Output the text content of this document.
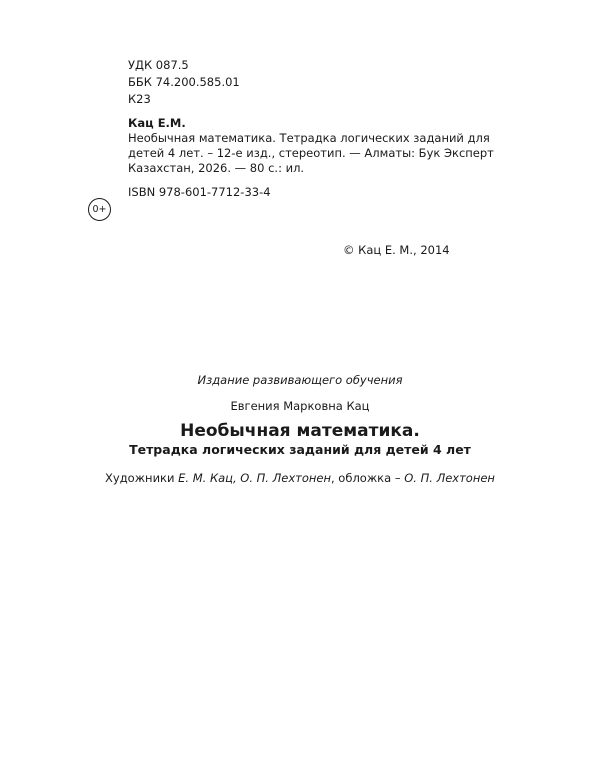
УДК 087.5
ББК 74.200.585.01
К23
Кац Е.М.
Необычная математика. Тетрадка логических заданий для детей 4 лет. – 12-е изд., стереотип. — Алматы: Бук Эксперт Казахстан, 2026. — 80 с.: ил.
ISBN 978-601-7712-33-4
0+
© Кац Е. М., 2014
Издание развивающего обучения
Евгения Марковна Кац
Необычная математика.
Тетрадка логических заданий для детей 4 лет
Художники Е. М. Кац, О. П. Лехтонен, обложка – О. П. Лехтонен
